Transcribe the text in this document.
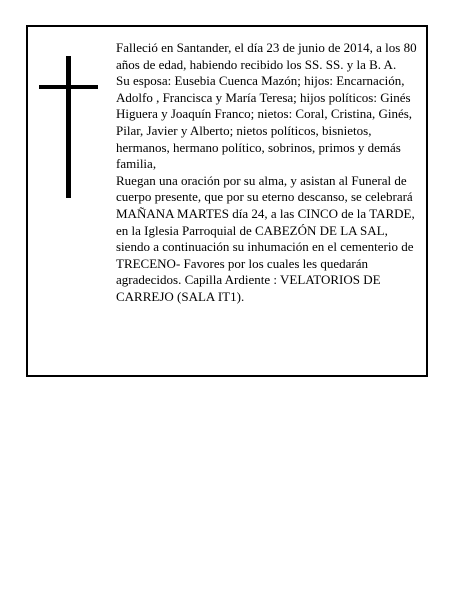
Falleció en Santander, el día 23 de junio de 2014, a los 80 años de edad, habiendo recibido los SS. SS. y la B. A.

Su esposa: Eusebia Cuenca Mazón; hijos: Encarnación, Adolfo , Francisca y María Teresa; hijos políticos: Ginés Higuera y Joaquín Franco; nietos: Coral, Cristina, Ginés, Pilar, Javier y Alberto; nietos políticos, bisnietos, hermanos, hermano político, sobrinos, primos y demás familia,

Ruegan una oración por su alma, y asistan al Funeral de cuerpo presente, que por su eterno descanso, se celebrará MAÑANA MARTES día 24, a las CINCO de la TARDE, en la Iglesia Parroquial de CABEZÓN DE LA SAL, siendo a continuación su inhumación en el cementerio de TRECENO- Favores por los cuales les quedarán agradecidos. Capilla Ardiente : VELATORIOS DE CARREJO (SALA IT1).
